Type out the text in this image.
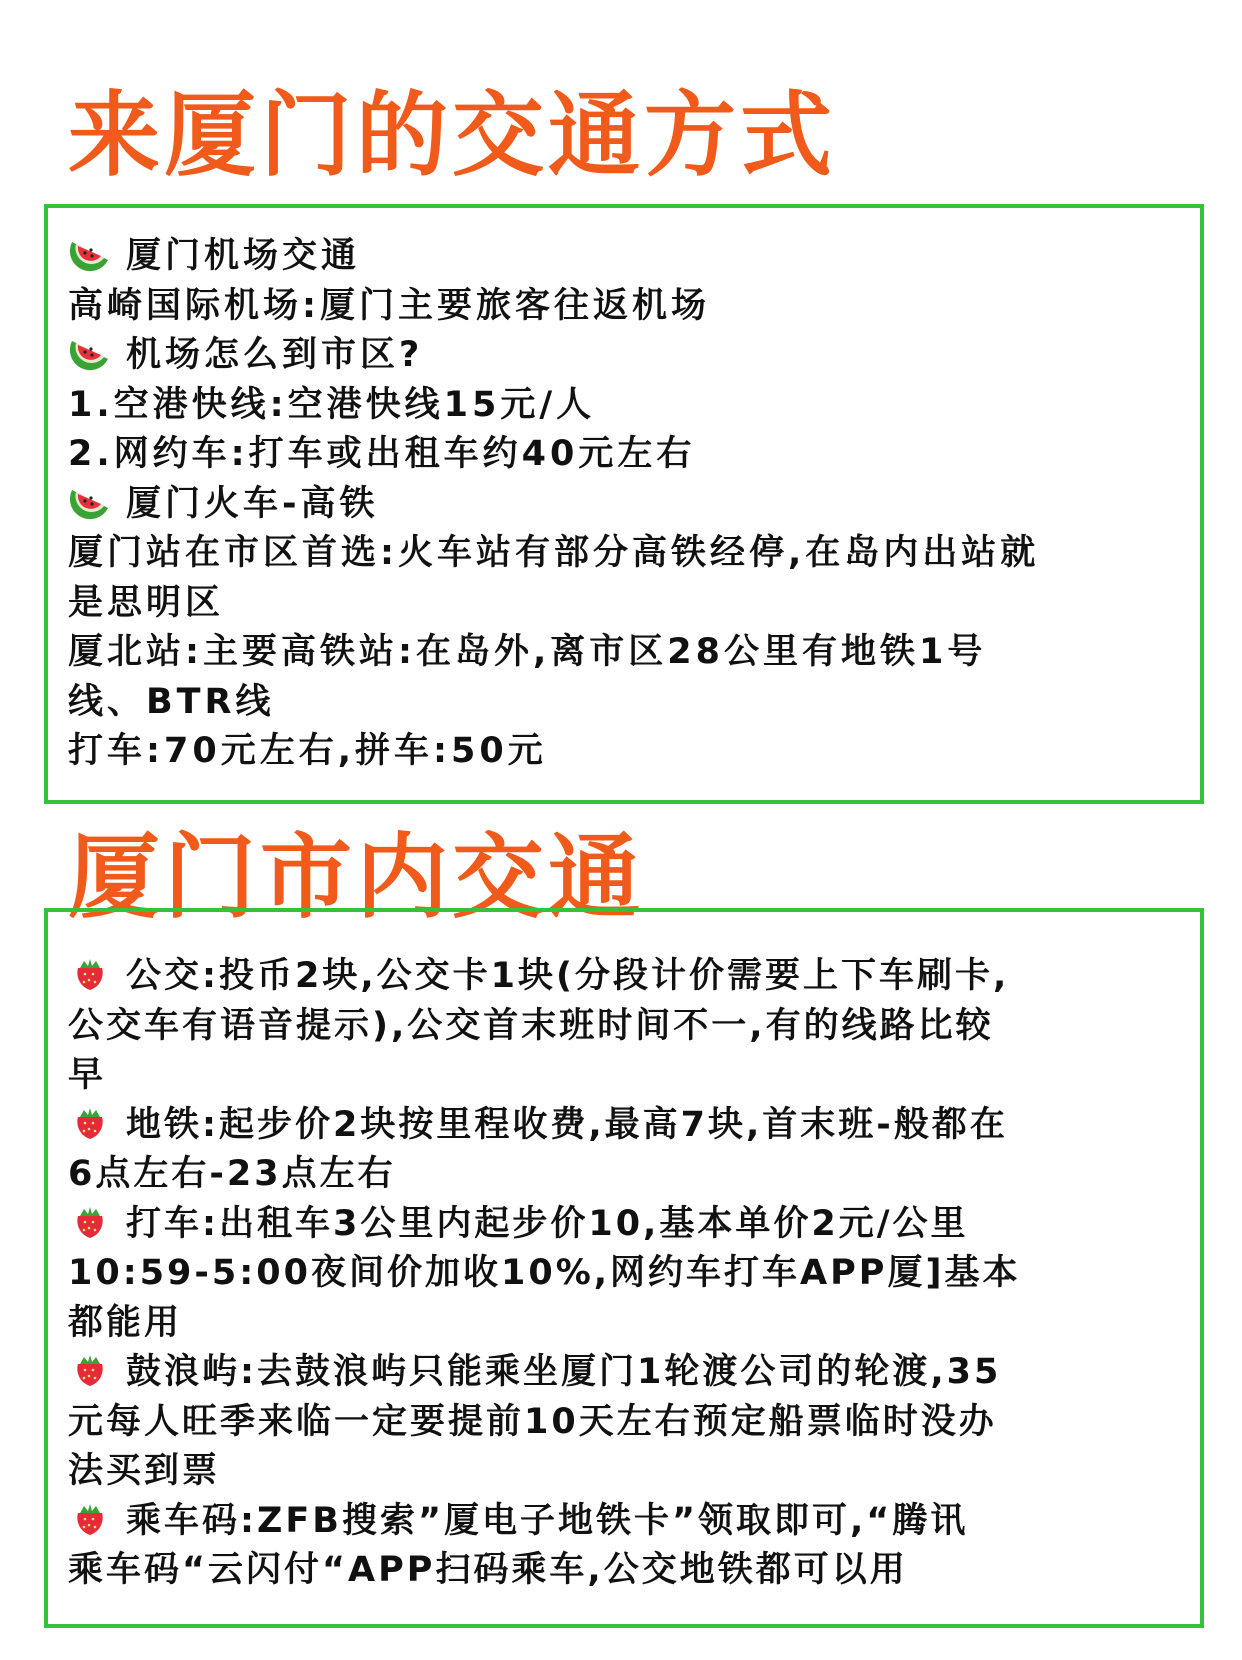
来厦门的交通方式
厦门机场交通
高崎国际机场:厦门主要旅客往返机场
机场怎么到市区?
1.空港快线:空港快线15元/人
2.网约车:打车或出租车约40元左右
厦门火车-高铁
厦门站在市区首选:火车站有部分高铁经停,在岛内出站就
是思明区
厦北站:主要高铁站:在岛外,离市区28公里有地铁1号
线、BTR线
打车:70元左右,拼车:50元
厦门市内交通
公交:投币2块,公交卡1块(分段计价需要上下车刷卡,
公交车有语音提示),公交首末班时间不一,有的线路比较
早
地铁:起步价2块按里程收费,最高7块,首末班-般都在
6点左右-23点左右
打车:出租车3公里内起步价10,基本单价2元/公里
10:59-5:00夜间价加收10%,网约车打车APP厦]基本
都能用
鼓浪屿:去鼓浪屿只能乘坐厦门1轮渡公司的轮渡,35
元每人旺季来临一定要提前10天左右预定船票临时没办
法买到票
乘车码:ZFB搜索”厦电子地铁卡”领取即可,“腾讯
乘车码“云闪付“APP扫码乘车,公交地铁都可以用
